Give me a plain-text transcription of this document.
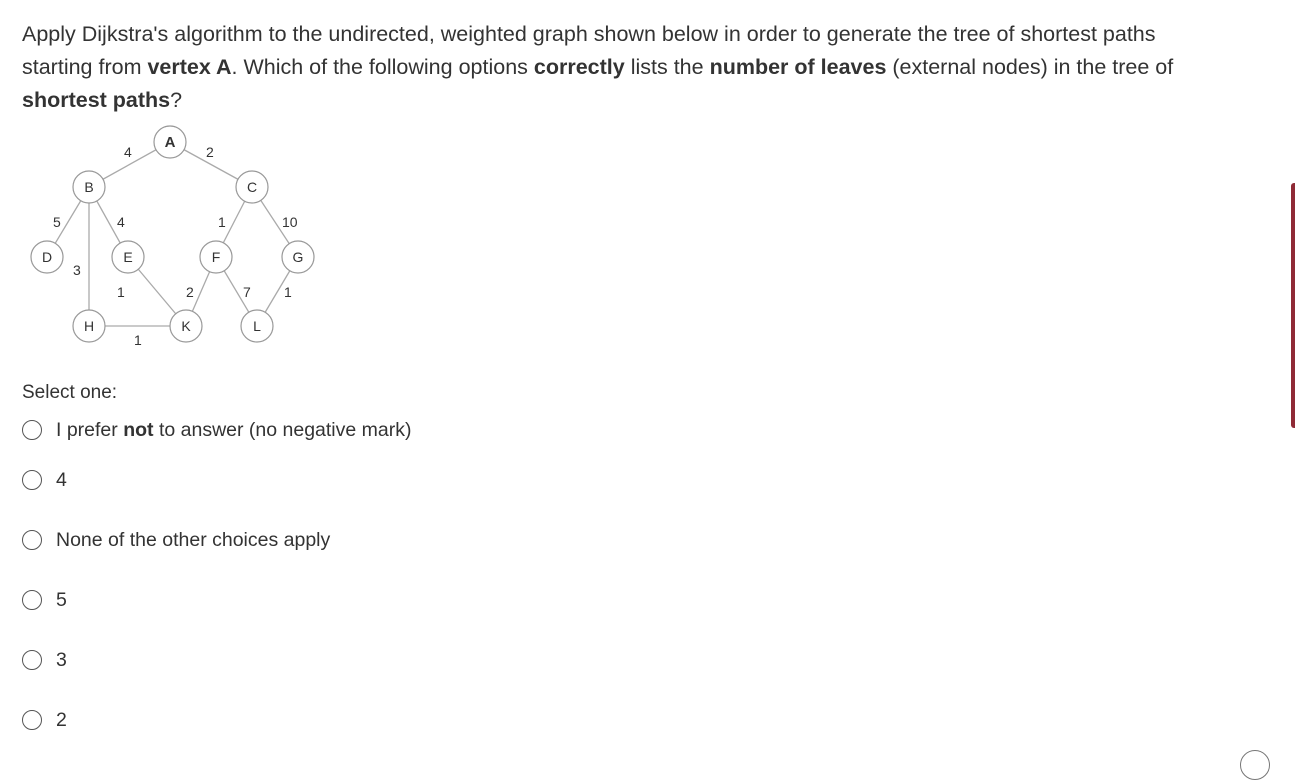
Apply Dijkstra's algorithm to the undirected, weighted graph shown below in order to generate the tree of shortest paths starting from vertex A. Which of the following options correctly lists the number of leaves (external nodes) in the tree of shortest paths?

4	2
5	4
3
1	10
1
1
2	7 1
A
B	C
D	E	F	G
H	K	L

Select one:

I prefer not to answer (no negative mark)
4
None of the other choices apply
5
3
2
